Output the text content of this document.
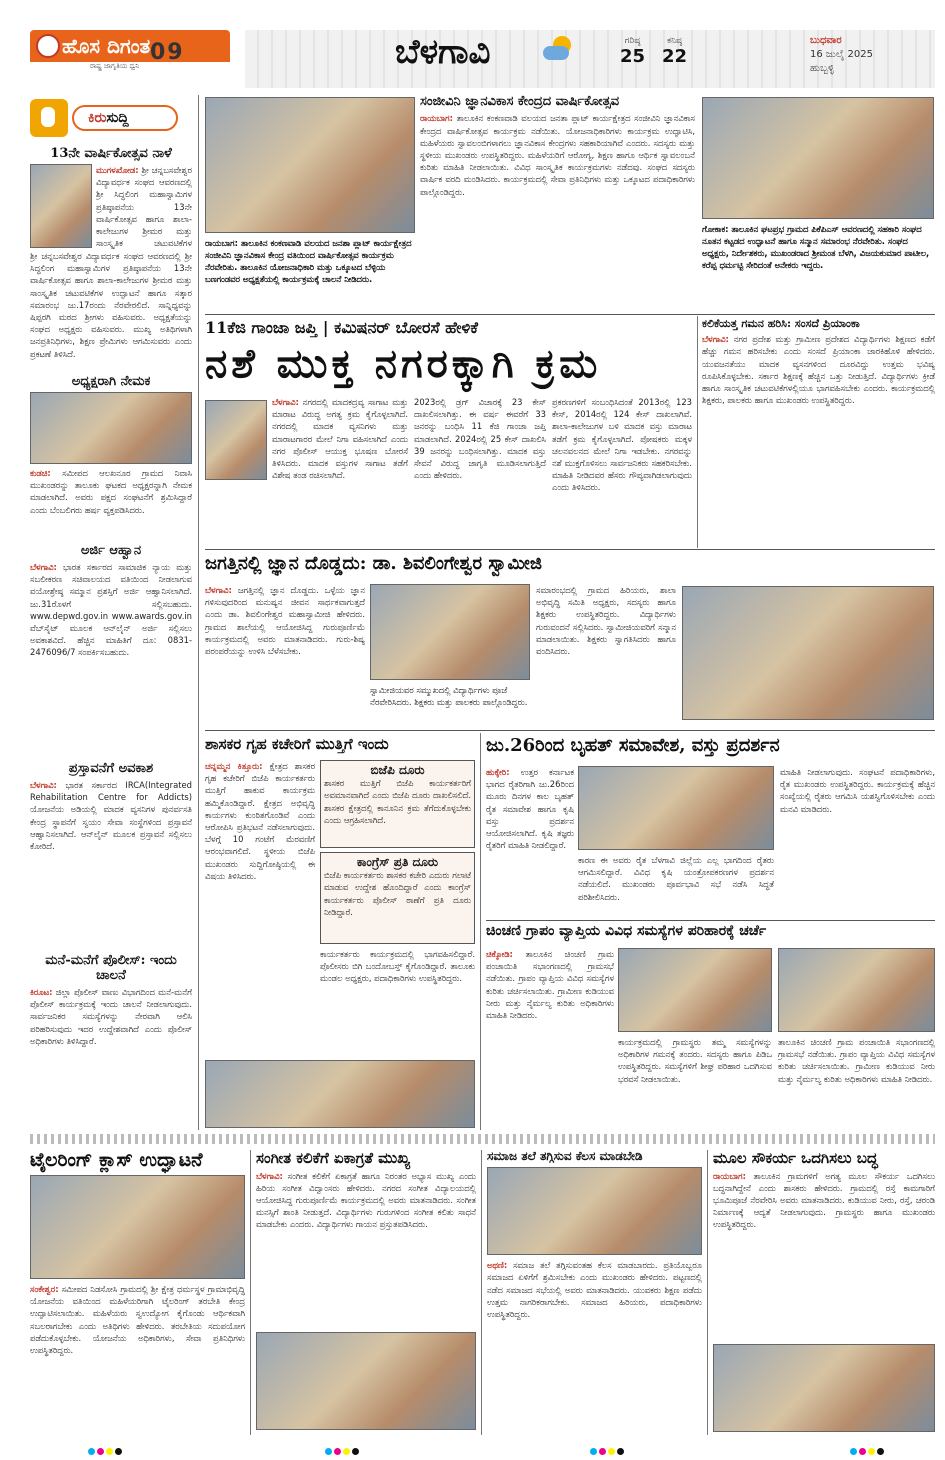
ಹೊಸ ದಿಗಂತ
ರಾಷ್ಟ್ರ ಜಾಗೃತಿಯ ಧ್ವನಿ
09	ಬೆಳಗಾವಿ	ಗರಿಷ್ಠ
25
ಕನಿಷ್ಠ
22
ಬುಧವಾರ
16 ಜುಲೈ 2025
ಹುಬ್ಬಳ್ಳಿ
ಕಿರುಸುದ್ದಿ
13ನೇ ವಾರ್ಷಿಕೋತ್ಸವ ನಾಳೆ
ಮುಗಳಖೋಡ: ಶ್ರೀ ಚನ್ನಬಸವೇಶ್ವರ ವಿದ್ಯಾವರ್ಧಕ ಸಂಘದ ಆವರಣದಲ್ಲಿ ಶ್ರೀ ಸಿದ್ಧಲಿಂಗ ಮಹಾಸ್ವಾಮಿಗಳ ಪ್ರತಿಷ್ಠಾಪನೆಯ 13ನೇ ವಾರ್ಷಿಕೋತ್ಸವ ಹಾಗೂ ಶಾಲಾ-ಕಾಲೇಜುಗಳ ಶ್ರೀಮಠ ಮತ್ತು ಸಾಂಸ್ಕೃತಿಕ ಚಟುವಟಿಕೆಗಳ
ಶ್ರೀ ಚನ್ನಬಸವೇಶ್ವರ ವಿದ್ಯಾವರ್ಧಕ ಸಂಘದ ಆವರಣದಲ್ಲಿ ಶ್ರೀ ಸಿದ್ಧಲಿಂಗ ಮಹಾಸ್ವಾಮಿಗಳ ಪ್ರತಿಷ್ಠಾಪನೆಯ 13ನೇ ವಾರ್ಷಿಕೋತ್ಸವ ಹಾಗೂ ಶಾಲಾ-ಕಾಲೇಜುಗಳ ಶ್ರೀಮಠ ಮತ್ತು ಸಾಂಸ್ಕೃತಿಕ ಚಟುವಟಿಕೆಗಳ ಉದ್ಘಾಟನೆ ಹಾಗೂ ಸತ್ಕಾರ ಸಮಾರಂಭ ಜು.17ರಂದು ನೆರವೇರಲಿದೆ. ಸಾನ್ನಿಧ್ಯವನ್ನು ಷಿಪ್ಪರಗಿ ಮಠದ ಶ್ರೀಗಳು ವಹಿಸುವರು. ಅಧ್ಯಕ್ಷತೆಯನ್ನು ಸಂಘದ ಅಧ್ಯಕ್ಷರು ವಹಿಸುವರು. ಮುಖ್ಯ ಅತಿಥಿಗಳಾಗಿ ಜನಪ್ರತಿನಿಧಿಗಳು, ಶಿಕ್ಷಣ ಪ್ರೇಮಿಗಳು ಆಗಮಿಸುವರು ಎಂದು ಪ್ರಕಟಣೆ ತಿಳಿಸಿದೆ.
ಅಧ್ಯಕ್ಷರಾಗಿ ನೇಮಕ
ಕುಡಚಿ: ಸಮೀಪದ ಆಲಖನೂರ ಗ್ರಾಮದ ನಿವಾಸಿ ಮುಖಂಡರನ್ನು ತಾಲೂಕು ಘಟಕದ ಅಧ್ಯಕ್ಷರನ್ನಾಗಿ ನೇಮಕ ಮಾಡಲಾಗಿದೆ. ಅವರು ಪಕ್ಷದ ಸಂಘಟನೆಗೆ ಶ್ರಮಿಸಿದ್ದಾರೆ ಎಂದು ಬೆಂಬಲಿಗರು ಹರ್ಷ ವ್ಯಕ್ತಪಡಿಸಿದರು.
ಅರ್ಜಿ ಆಹ್ವಾನ
ಬೆಳಗಾವಿ: ಭಾರತ ಸರ್ಕಾರದ ಸಾಮಾಜಿಕ ನ್ಯಾಯ ಮತ್ತು ಸಬಲೀಕರಣ ಸಚಿವಾಲಯದ ವತಿಯಿಂದ ನೀಡಲಾಗುವ ವಯೋಶ್ರೇಷ್ಠ ಸಮ್ಮಾನ ಪ್ರಶಸ್ತಿಗೆ ಅರ್ಜಿ ಆಹ್ವಾನಿಸಲಾಗಿದೆ. ಜು.31ರೊಳಗೆ ಸಲ್ಲಿಸಬಹುದು. www.depwd.gov.in www.awards.gov.in ವೆಬ್‌ಸೈಟ್ ಮೂಲಕ ಆನ್‌ಲೈನ್ ಅರ್ಜಿ ಸಲ್ಲಿಸಲು ಅವಕಾಶವಿದೆ. ಹೆಚ್ಚಿನ ಮಾಹಿತಿಗೆ ದೂ: 0831-2476096/7 ಸಂಪರ್ಕಿಸಬಹುದು.
ಪ್ರಸ್ತಾವನೆಗೆ ಅವಕಾಶ
ಬೆಳಗಾವಿ: ಭಾರತ ಸರ್ಕಾರದ IRCA(Integrated Rehabilitation Centre for Addicts) ಯೋಜನೆಯ ಅಡಿಯಲ್ಲಿ ಮಾದಕ ವ್ಯಸನಿಗಳ ಪುನರ್ವಸತಿ ಕೇಂದ್ರ ಸ್ಥಾಪನೆಗೆ ಸ್ವಯಂ ಸೇವಾ ಸಂಸ್ಥೆಗಳಿಂದ ಪ್ರಸ್ತಾವನೆ ಆಹ್ವಾನಿಸಲಾಗಿದೆ. ಆನ್‌ಲೈನ್ ಮೂಲಕ ಪ್ರಸ್ತಾವನೆ ಸಲ್ಲಿಸಲು ಕೋರಿದೆ.
ಮನೆ-ಮನೆಗೆ ಪೊಲೀಸ್: ಇಂದು ಚಾಲನೆ
ಕಿರೂಟ: ಜಿಲ್ಲಾ ಪೊಲೀಸ್ ವಾಣು ವಿಭಾಗದಿಂದ ಮನೆ-ಮನೆಗೆ ಪೊಲೀಸ್ ಕಾರ್ಯಕ್ರಮಕ್ಕೆ ಇಂದು ಚಾಲನೆ ನೀಡಲಾಗುವುದು. ಸಾರ್ವಜನಿಕರ ಸಮಸ್ಯೆಗಳನ್ನು ನೇರವಾಗಿ ಆಲಿಸಿ ಪರಿಹರಿಸುವುದು ಇದರ ಉದ್ದೇಶವಾಗಿದೆ ಎಂದು ಪೊಲೀಸ್ ಅಧಿಕಾರಿಗಳು ತಿಳಿಸಿದ್ದಾರೆ.
ರಾಯಬಾಗ: ತಾಲೂಕಿನ ಕಂಕಣವಾಡಿ ವಲಯದ ಜನಶಾ ಪ್ಲಾಟ್ ಕಾರ್ಯಕ್ಷೇತ್ರದ ಸಂಜೀವಿನಿ ಜ್ಞಾನವಿಕಾಸ ಕೇಂದ್ರ ವತಿಯಿಂದ ವಾರ್ಷಿಕೋತ್ಸವ ಕಾರ್ಯಕ್ರಮ ನೆರವೇರಿತು. ತಾಲೂಕಿನ ಯೋಜನಾಧಿಕಾರಿ ಮತ್ತು ಒಕ್ಕೂಟದ ಬೆಳ್ಳಿಯ ಬಣಗಂಡವರ ಅಧ್ಯಕ್ಷತೆಯಲ್ಲಿ ಕಾರ್ಯಕ್ರಮಕ್ಕೆ ಚಾಲನೆ ನೀಡಿದರು.
ಸಂಜೀವಿನಿ ಜ್ಞಾನವಿಕಾಸ ಕೇಂದ್ರದ ವಾರ್ಷಿಕೋತ್ಸವ
ರಾಯಬಾಗ: ತಾಲೂಕಿನ ಕಂಕಣವಾಡಿ ವಲಯದ ಜನತಾ ಪ್ಲಾಟ್ ಕಾರ್ಯಕ್ಷೇತ್ರದ ಸಂಜೀವಿನಿ ಜ್ಞಾನವಿಕಾಸ ಕೇಂದ್ರದ ವಾರ್ಷಿಕೋತ್ಸವ ಕಾರ್ಯಕ್ರಮ ನಡೆಯಿತು. ಯೋಜನಾಧಿಕಾರಿಗಳು ಕಾರ್ಯಕ್ರಮ ಉದ್ಘಾಟಿಸಿ, ಮಹಿಳೆಯರು ಸ್ವಾವಲಂಬಿಗಳಾಗಲು ಜ್ಞಾನವಿಕಾಸ ಕೇಂದ್ರಗಳು ಸಹಕಾರಿಯಾಗಿವೆ ಎಂದರು. ಸದಸ್ಯರು ಮತ್ತು ಸ್ಥಳೀಯ ಮುಖಂಡರು ಉಪಸ್ಥಿತರಿದ್ದರು. ಮಹಿಳೆಯರಿಗೆ ಆರೋಗ್ಯ, ಶಿಕ್ಷಣ ಹಾಗೂ ಆರ್ಥಿಕ ಸ್ವಾವಲಂಬನೆ ಕುರಿತು ಮಾಹಿತಿ ನೀಡಲಾಯಿತು. ವಿವಿಧ ಸಾಂಸ್ಕೃತಿಕ ಕಾರ್ಯಕ್ರಮಗಳು ನಡೆದವು. ಸಂಘದ ಸದಸ್ಯರು ವಾರ್ಷಿಕ ವರದಿ ಮಂಡಿಸಿದರು. ಕಾರ್ಯಕ್ರಮದಲ್ಲಿ ಸೇವಾ ಪ್ರತಿನಿಧಿಗಳು ಮತ್ತು ಒಕ್ಕೂಟದ ಪದಾಧಿಕಾರಿಗಳು ಪಾಲ್ಗೊಂಡಿದ್ದರು.
ಗೋಕಾಕ: ತಾಲೂಕಿನ ಘಟಪ್ರಭ ಗ್ರಾಮದ ಪಿಕೆಪಿಎಸ್ ಆವರಣದಲ್ಲಿ ಸಹಕಾರಿ ಸಂಘದ ನೂತನ ಕಟ್ಟಡದ ಉದ್ಘಾಟನೆ ಹಾಗೂ ಸನ್ಮಾನ ಸಮಾರಂಭ ನೆರವೇರಿತು. ಸಂಘದ ಅಧ್ಯಕ್ಷರು, ನಿರ್ದೇಶಕರು, ಮುಖಂಡರಾದ ಶ್ರೀಮಂತ ಬೆಳಗಿ, ವಿಜಯಕುಮಾರ ಪಾಟೀಲ, ಕರೆಪ್ಪ ಧರ್ಮಟ್ಟಿ ಸೇರಿದಂತೆ ಅನೇಕರು ಇದ್ದರು.
11ಕೆಜಿ ಗಾಂಜಾ ಜಪ್ತಿ | ಕಮಿಷನರ್ ಬೋರಸೆ ಹೇಳಿಕೆ
ನಶೆ ಮುಕ್ತ ನಗರಕ್ಕಾಗಿ ಕ್ರಮ
ಬೆಳಗಾವಿ: ನಗರದಲ್ಲಿ ಮಾದಕದ್ರವ್ಯ ಸಾಗಾಟ ಮತ್ತು ಮಾರಾಟ ವಿರುದ್ಧ ಅಗತ್ಯ ಕ್ರಮ ಕೈಗೊಳ್ಳಲಾಗಿದೆ. ನಗರದಲ್ಲಿ ಮಾದಕ ವ್ಯಸನಿಗಳು ಮತ್ತು ಮಾರಾಟಗಾರರ ಮೇಲೆ ನಿಗಾ ವಹಿಸಲಾಗಿದೆ ಎಂದು ನಗರ ಪೊಲೀಸ್ ಆಯುಕ್ತ ಭೂಷಣ ಬೋರಸೆ ತಿಳಿಸಿದರು. ಮಾದಕ ವಸ್ತುಗಳ ಸಾಗಾಟ ತಡೆಗೆ ವಿಶೇಷ ತಂಡ ರಚಿಸಲಾಗಿದೆ.
2023ರಲ್ಲಿ ಡ್ರಗ್ ವಿಚಾರಕ್ಕೆ 23 ಕೇಸ್ ದಾಖಲಿಸಲಾಗಿತ್ತು. ಈ ವರ್ಷ ಈವರೆಗೆ 33 ಜನರನ್ನು ಬಂಧಿಸಿ 11 ಕೆಜಿ ಗಾಂಜಾ ಜಪ್ತಿ ಮಾಡಲಾಗಿದೆ. 2024ರಲ್ಲಿ 25 ಕೇಸ್ ದಾಖಲಿಸಿ 39 ಜನರನ್ನು ಬಂಧಿಸಲಾಗಿತ್ತು. ಮಾದಕ ವಸ್ತು ಸೇವನೆ ವಿರುದ್ಧ ಜಾಗೃತಿ ಮೂಡಿಸಲಾಗುತ್ತಿದೆ ಎಂದು ಹೇಳಿದರು.
ಪ್ರಕರಣಗಳಿಗೆ ಸಂಬಂಧಿಸಿದಂತೆ 2013ರಲ್ಲಿ 123 ಕೇಸ್, 2014ರಲ್ಲಿ 124 ಕೇಸ್ ದಾಖಲಾಗಿವೆ. ಶಾಲಾ-ಕಾಲೇಜುಗಳ ಬಳಿ ಮಾದಕ ವಸ್ತು ಮಾರಾಟ ತಡೆಗೆ ಕ್ರಮ ಕೈಗೊಳ್ಳಲಾಗಿದೆ. ಪೋಷಕರು ಮಕ್ಕಳ ಚಲನವಲನದ ಮೇಲೆ ನಿಗಾ ಇಡಬೇಕು. ನಗರವನ್ನು ನಶೆ ಮುಕ್ತಗೊಳಿಸಲು ಸಾರ್ವಜನಿಕರು ಸಹಕರಿಸಬೇಕು. ಮಾಹಿತಿ ನೀಡಿದವರ ಹೆಸರು ಗೌಪ್ಯವಾಗಿಡಲಾಗುವುದು ಎಂದು ತಿಳಿಸಿದರು.
ಕಲಿಕೆಯತ್ತ ಗಮನ ಹರಿಸಿ: ಸಂಸದೆ ಪ್ರಿಯಾಂಕಾ
ಬೆಳಗಾವಿ: ನಗರ ಪ್ರದೇಶ ಮತ್ತು ಗ್ರಾಮೀಣ ಪ್ರದೇಶದ ವಿದ್ಯಾರ್ಥಿಗಳು ಶಿಕ್ಷಣದ ಕಡೆಗೆ ಹೆಚ್ಚು ಗಮನ ಹರಿಸಬೇಕು ಎಂದು ಸಂಸದೆ ಪ್ರಿಯಾಂಕಾ ಜಾರಕಿಹೊಳಿ ಹೇಳಿದರು. ಯುವಜನತೆಯು ಮಾದಕ ವ್ಯಸನಗಳಿಂದ ದೂರವಿದ್ದು ಉತ್ತಮ ಭವಿಷ್ಯ ರೂಪಿಸಿಕೊಳ್ಳಬೇಕು. ಸರ್ಕಾರ ಶಿಕ್ಷಣಕ್ಕೆ ಹೆಚ್ಚಿನ ಒತ್ತು ನೀಡುತ್ತಿದೆ. ವಿದ್ಯಾರ್ಥಿಗಳು ಕ್ರೀಡೆ ಹಾಗೂ ಸಾಂಸ್ಕೃತಿಕ ಚಟುವಟಿಕೆಗಳಲ್ಲಿಯೂ ಭಾಗವಹಿಸಬೇಕು ಎಂದರು. ಕಾರ್ಯಕ್ರಮದಲ್ಲಿ ಶಿಕ್ಷಕರು, ಪಾಲಕರು ಹಾಗೂ ಮುಖಂಡರು ಉಪಸ್ಥಿತರಿದ್ದರು.
ಜಗತ್ತಿನಲ್ಲಿ ಜ್ಞಾನ ದೊಡ್ಡದು: ಡಾ. ಶಿವಲಿಂಗೇಶ್ವರ ಸ್ವಾಮೀಜಿ
ಬೆಳಗಾವಿ: ಜಗತ್ತಿನಲ್ಲಿ ಜ್ಞಾನ ದೊಡ್ಡದು. ಒಳ್ಳೆಯ ಜ್ಞಾನ ಗಳಿಸುವುದರಿಂದ ಮನುಷ್ಯನ ಜೀವನ ಸಾರ್ಥಕವಾಗುತ್ತದೆ ಎಂದು ಡಾ. ಶಿವಲಿಂಗೇಶ್ವರ ಮಹಾಸ್ವಾಮೀಜಿ ಹೇಳಿದರು. ಗ್ರಾಮದ ಶಾಲೆಯಲ್ಲಿ ಆಯೋಜಿಸಿದ್ದ ಗುರುಪೂರ್ಣಿಮೆ ಕಾರ್ಯಕ್ರಮದಲ್ಲಿ ಅವರು ಮಾತನಾಡಿದರು. ಗುರು-ಶಿಷ್ಯ ಪರಂಪರೆಯನ್ನು ಉಳಿಸಿ ಬೆಳೆಸಬೇಕು.
ಸ್ವಾಮೀಜಿಯವರ ಸಮ್ಮುಖದಲ್ಲಿ ವಿದ್ಯಾರ್ಥಿಗಳು ಪೂಜೆ ನೆರವೇರಿಸಿದರು. ಶಿಕ್ಷಕರು ಮತ್ತು ಪಾಲಕರು ಪಾಲ್ಗೊಂಡಿದ್ದರು.
ಸಮಾರಂಭದಲ್ಲಿ ಗ್ರಾಮದ ಹಿರಿಯರು, ಶಾಲಾ ಅಭಿವೃದ್ಧಿ ಸಮಿತಿ ಅಧ್ಯಕ್ಷರು, ಸದಸ್ಯರು ಹಾಗೂ ಶಿಕ್ಷಕರು ಉಪಸ್ಥಿತರಿದ್ದರು. ವಿದ್ಯಾರ್ಥಿಗಳು ಗುರುವಂದನೆ ಸಲ್ಲಿಸಿದರು. ಸ್ವಾಮೀಜಿಯವರಿಗೆ ಸನ್ಮಾನ ಮಾಡಲಾಯಿತು. ಶಿಕ್ಷಕರು ಸ್ವಾಗತಿಸಿದರು ಹಾಗೂ ವಂದಿಸಿದರು.
ಶಾಸಕರ ಗೃಹ ಕಚೇರಿಗೆ ಮುತ್ತಿಗೆ ಇಂದು
ಚನ್ನಮ್ಮನ ಕಿತ್ತೂರು: ಕ್ಷೇತ್ರದ ಶಾಸಕರ ಗೃಹ ಕಚೇರಿಗೆ ಬಿಜೆಪಿ ಕಾರ್ಯಕರ್ತರು ಮುತ್ತಿಗೆ ಹಾಕುವ ಕಾರ್ಯಕ್ರಮ ಹಮ್ಮಿಕೊಂಡಿದ್ದಾರೆ. ಕ್ಷೇತ್ರದ ಅಭಿವೃದ್ಧಿ ಕಾರ್ಯಗಳು ಕುಂಠಿತಗೊಂಡಿವೆ ಎಂದು ಆರೋಪಿಸಿ ಪ್ರತಿಭಟನೆ ನಡೆಸಲಾಗುವುದು. ಬೆಳಗ್ಗೆ 10 ಗಂಟೆಗೆ ಮೆರವಣಿಗೆ ಆರಂಭವಾಗಲಿದೆ. ಸ್ಥಳೀಯ ಬಿಜೆಪಿ ಮುಖಂಡರು ಸುದ್ದಿಗೋಷ್ಠಿಯಲ್ಲಿ ಈ ವಿಷಯ ತಿಳಿಸಿದರು.
ಬಿಜೆಪಿ ದೂರು
ಶಾಸಕರ ಮುತ್ತಿಗೆ ಬಿಜೆಪಿ ಕಾರ್ಯಕರ್ತರಿಗೆ ಅವಮಾನವಾಗಿದೆ ಎಂದು ಬಿಜೆಪಿ ದೂರು ದಾಖಲಿಸಲಿದೆ. ಶಾಸಕರ ಕ್ಷೇತ್ರದಲ್ಲಿ ಕಾನೂನಿನ ಕ್ರಮ ತೆಗೆದುಕೊಳ್ಳಬೇಕು ಎಂದು ಆಗ್ರಹಿಸಲಾಗಿದೆ.
ಕಾಂಗ್ರೆಸ್ ಪ್ರತಿ ದೂರು
ಬಿಜೆಪಿ ಕಾರ್ಯಕರ್ತರು ಶಾಸಕರ ಕಚೇರಿ ಎದುರು ಗಲಾಟೆ ಮಾಡುವ ಉದ್ದೇಶ ಹೊಂದಿದ್ದಾರೆ ಎಂದು ಕಾಂಗ್ರೆಸ್ ಕಾರ್ಯಕರ್ತರು ಪೊಲೀಸ್ ಠಾಣೆಗೆ ಪ್ರತಿ ದೂರು ನೀಡಿದ್ದಾರೆ.
ಕಾರ್ಯಕರ್ತರು ಕಾರ್ಯಕ್ರಮದಲ್ಲಿ ಭಾಗವಹಿಸಲಿದ್ದಾರೆ. ಪೊಲೀಸರು ಬಿಗಿ ಬಂದೋಬಸ್ತ್ ಕೈಗೊಂಡಿದ್ದಾರೆ. ತಾಲೂಕು ಮಂಡಲ ಅಧ್ಯಕ್ಷರು, ಪದಾಧಿಕಾರಿಗಳು ಉಪಸ್ಥಿತರಿದ್ದರು.
ಜು.26ರಿಂದ ಬೃಹತ್ ಸಮಾವೇಶ, ವಸ್ತು ಪ್ರದರ್ಶನ
ಹುಕ್ಕೇರಿ: ಉತ್ತರ ಕರ್ನಾಟಕ ಭಾಗದ ರೈತರಿಗಾಗಿ ಜು.26ರಿಂದ ಮೂರು ದಿನಗಳ ಕಾಲ ಬೃಹತ್ ರೈತ ಸಮಾವೇಶ ಹಾಗೂ ಕೃಷಿ ವಸ್ತು ಪ್ರದರ್ಶನ ಆಯೋಜಿಸಲಾಗಿದೆ. ಕೃಷಿ ತಜ್ಞರು ರೈತರಿಗೆ ಮಾಹಿತಿ ನೀಡಲಿದ್ದಾರೆ.
ಕಾರಣ ಈ ಅವರು ರೈತ ಬೆಳಗಾವಿ ಜಿಲ್ಲೆಯ ಎಲ್ಲ ಭಾಗದಿಂದ ರೈತರು ಆಗಮಿಸಲಿದ್ದಾರೆ. ವಿವಿಧ ಕೃಷಿ ಯಂತ್ರೋಪಕರಣಗಳ ಪ್ರದರ್ಶನ ನಡೆಯಲಿದೆ. ಮುಖಂಡರು ಪೂರ್ವಭಾವಿ ಸಭೆ ನಡೆಸಿ ಸಿದ್ಧತೆ ಪರಿಶೀಲಿಸಿದರು.
ಮಾಹಿತಿ ನೀಡಲಾಗುವುದು. ಸಂಘಟನೆ ಪದಾಧಿಕಾರಿಗಳು, ರೈತ ಮುಖಂಡರು ಉಪಸ್ಥಿತರಿದ್ದರು. ಕಾರ್ಯಕ್ರಮಕ್ಕೆ ಹೆಚ್ಚಿನ ಸಂಖ್ಯೆಯಲ್ಲಿ ರೈತರು ಆಗಮಿಸಿ ಯಶಸ್ವಿಗೊಳಿಸಬೇಕು ಎಂದು ಮನವಿ ಮಾಡಿದರು.
ಚಿಂಚಣಿ ಗ್ರಾಪಂ ವ್ಯಾಪ್ತಿಯ ವಿವಿಧ ಸಮಸ್ಯೆಗಳ ಪರಿಹಾರಕ್ಕೆ ಚರ್ಚೆ
ಚಿಕ್ಕೋಡಿ: ತಾಲೂಕಿನ ಚಿಂಚಣಿ ಗ್ರಾಮ ಪಂಚಾಯಿತಿ ಸಭಾಂಗಣದಲ್ಲಿ ಗ್ರಾಮಸಭೆ ನಡೆಯಿತು. ಗ್ರಾಪಂ ವ್ಯಾಪ್ತಿಯ ವಿವಿಧ ಸಮಸ್ಯೆಗಳ ಕುರಿತು ಚರ್ಚಿಸಲಾಯಿತು. ಗ್ರಾಮೀಣ ಕುಡಿಯುವ ನೀರು ಮತ್ತು ನೈರ್ಮಲ್ಯ ಕುರಿತು ಅಧಿಕಾರಿಗಳು ಮಾಹಿತಿ ನೀಡಿದರು.
ಕಾರ್ಯಕ್ರಮದಲ್ಲಿ ಗ್ರಾಮಸ್ಥರು ತಮ್ಮ ಸಮಸ್ಯೆಗಳನ್ನು ಅಧಿಕಾರಿಗಳ ಗಮನಕ್ಕೆ ತಂದರು. ಸದಸ್ಯರು ಹಾಗೂ ಪಿಡಿಒ ಉಪಸ್ಥಿತರಿದ್ದರು. ಸಮಸ್ಯೆಗಳಿಗೆ ಶೀಘ್ರ ಪರಿಹಾರ ಒದಗಿಸುವ ಭರವಸೆ ನೀಡಲಾಯಿತು.
ತಾಲೂಕಿನ ಚಿಂಚಣಿ ಗ್ರಾಮ ಪಂಚಾಯಿತಿ ಸಭಾಂಗಣದಲ್ಲಿ ಗ್ರಾಮಸಭೆ ನಡೆಯಿತು. ಗ್ರಾಪಂ ವ್ಯಾಪ್ತಿಯ ವಿವಿಧ ಸಮಸ್ಯೆಗಳ ಕುರಿತು ಚರ್ಚಿಸಲಾಯಿತು. ಗ್ರಾಮೀಣ ಕುಡಿಯುವ ನೀರು ಮತ್ತು ನೈರ್ಮಲ್ಯ ಕುರಿತು ಅಧಿಕಾರಿಗಳು ಮಾಹಿತಿ ನೀಡಿದರು.
ಟೈಲರಿಂಗ್ ಕ್ಲಾಸ್ ಉದ್ಘಾಟನೆ
ಸಂಕೇಶ್ವರ: ಸಮೀಪದ ನಿಡಸೋಸಿ ಗ್ರಾಮದಲ್ಲಿ ಶ್ರೀ ಕ್ಷೇತ್ರ ಧರ್ಮಸ್ಥಳ ಗ್ರಾಮಾಭಿವೃದ್ಧಿ ಯೋಜನೆಯ ವತಿಯಿಂದ ಮಹಿಳೆಯರಿಗಾಗಿ ಟೈಲರಿಂಗ್ ತರಬೇತಿ ಕೇಂದ್ರ ಉದ್ಘಾಟಿಸಲಾಯಿತು. ಮಹಿಳೆಯರು ಸ್ವಉದ್ಯೋಗ ಕೈಗೊಂಡು ಆರ್ಥಿಕವಾಗಿ ಸಬಲರಾಗಬೇಕು ಎಂದು ಅತಿಥಿಗಳು ಹೇಳಿದರು. ತರಬೇತಿಯ ಸದುಪಯೋಗ ಪಡೆದುಕೊಳ್ಳಬೇಕು. ಯೋಜನೆಯ ಅಧಿಕಾರಿಗಳು, ಸೇವಾ ಪ್ರತಿನಿಧಿಗಳು ಉಪಸ್ಥಿತರಿದ್ದರು.
ಸಂಗೀತ ಕಲಿಕೆಗೆ ಏಕಾಗ್ರತೆ ಮುಖ್ಯ
ಬೆಳಗಾವಿ: ಸಂಗೀತ ಕಲಿಕೆಗೆ ಏಕಾಗ್ರತೆ ಹಾಗೂ ನಿರಂತರ ಅಭ್ಯಾಸ ಮುಖ್ಯ ಎಂದು ಹಿರಿಯ ಸಂಗೀತ ವಿದ್ವಾಂಸರು ಹೇಳಿದರು. ನಗರದ ಸಂಗೀತ ವಿದ್ಯಾಲಯದಲ್ಲಿ ಆಯೋಜಿಸಿದ್ದ ಗುರುಪೂರ್ಣಿಮೆ ಕಾರ್ಯಕ್ರಮದಲ್ಲಿ ಅವರು ಮಾತನಾಡಿದರು. ಸಂಗೀತ ಮನಸ್ಸಿಗೆ ಶಾಂತಿ ನೀಡುತ್ತದೆ. ವಿದ್ಯಾರ್ಥಿಗಳು ಗುರುಗಳಿಂದ ಸಂಗೀತ ಕಲಿತು ಸಾಧನೆ ಮಾಡಬೇಕು ಎಂದರು. ವಿದ್ಯಾರ್ಥಿಗಳು ಗಾಯನ ಪ್ರಸ್ತುತಪಡಿಸಿದರು.
ಸಮಾಜ ತಲೆ ತಗ್ಗಿಸುವ ಕೆಲಸ ಮಾಡಬೇಡಿ
ಅಥಣಿ: ಸಮಾಜ ತಲೆ ತಗ್ಗಿಸುವಂತಹ ಕೆಲಸ ಮಾಡಬಾರದು. ಪ್ರತಿಯೊಬ್ಬರೂ ಸಮಾಜದ ಏಳಿಗೆಗೆ ಶ್ರಮಿಸಬೇಕು ಎಂದು ಮುಖಂಡರು ಹೇಳಿದರು. ಪಟ್ಟಣದಲ್ಲಿ ನಡೆದ ಸಮಾಜದ ಸಭೆಯಲ್ಲಿ ಅವರು ಮಾತನಾಡಿದರು. ಯುವಕರು ಶಿಕ್ಷಣ ಪಡೆದು ಉತ್ತಮ ನಾಗರಿಕರಾಗಬೇಕು. ಸಮಾಜದ ಹಿರಿಯರು, ಪದಾಧಿಕಾರಿಗಳು ಉಪಸ್ಥಿತರಿದ್ದರು.
ಮೂಲ ಸೌಕರ್ಯ ಒದಗಿಸಲು ಬದ್ಧ
ರಾಯಬಾಗ: ತಾಲೂಕಿನ ಗ್ರಾಮಗಳಿಗೆ ಅಗತ್ಯ ಮೂಲ ಸೌಕರ್ಯ ಒದಗಿಸಲು ಬದ್ಧನಾಗಿದ್ದೇನೆ ಎಂದು ಶಾಸಕರು ಹೇಳಿದರು. ಗ್ರಾಮದಲ್ಲಿ ರಸ್ತೆ ಕಾಮಗಾರಿಗೆ ಭೂಮಿಪೂಜೆ ನೆರವೇರಿಸಿ ಅವರು ಮಾತನಾಡಿದರು. ಕುಡಿಯುವ ನೀರು, ರಸ್ತೆ, ಚರಂಡಿ ನಿರ್ಮಾಣಕ್ಕೆ ಆದ್ಯತೆ ನೀಡಲಾಗುವುದು. ಗ್ರಾಮಸ್ಥರು ಹಾಗೂ ಮುಖಂಡರು ಉಪಸ್ಥಿತರಿದ್ದರು.
